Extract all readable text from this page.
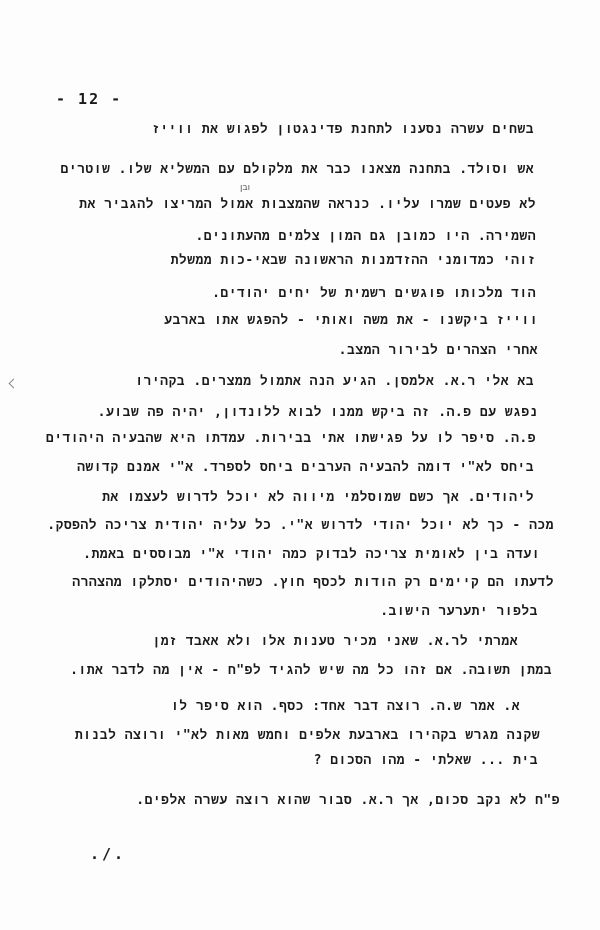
- 12 -
ובן
בשחים עשרה נסענו לתחנת פדינגטון לפגוש את ווייז
אש וסולד. בתחנה מצאנו כבר את מלקולם עם המשליא שלו. שוטרים
לא פעטים שמרו עליו. כנראה שהמצבות אמול המריצו להגביר את
השמירה. היו כמובן גם המון צלמים מהעתונים.
זוהי כמדומני ההזדמנות הראשונה שבאי-כות ממשלת
הוד מלכותו פוגשים רשמית של יחים יהודים.
ווייז ביקשנו - את משה ואותי - להפגש אתו בארבע
אחרי הצהרים לבירור המצב.
בא אלי ר.א. אלמסן. הגיע הנה אתמול ממצרים. בקהירו
נפגש עם פ.ה. זה ביקש ממנו לבוא ללונדון, יהיה פה שבוע.
פ.ה. סיפר לו על פגישתו אתי בבירות. עמדתו היא שהבעיה היהודים
ביחס לא"י דומה להבעיה הערבים ביחס לספרד. א"י אמנם קדושה
ליהודים. אך כשם שמוסלמי מיווה לא יוכל לדרוש לעצמו את
מכה - כך לא יוכל יהודי לדרוש א"י. כל עליה יהודית צריכה להפסק.
ועדה בין לאומית צריכה לבדוק כמה יהודי א"י מבוססים באמת.
לדעתו הם קיימים רק הודות לכסף חוץ. כשהיהודים יסתלקו מהצהרה
בלפור יתערער הישוב.
אמרתי לר.א. שאני מכיר טענות אלו ולא אאבד זמן
במתן תשובה. אם זהו כל מה שיש להגיד לפ"ח - אין מה לדבר אתו.
א. אמר ש.ה. רוצה דבר אחד: כסף. הוא סיפר לו
שקנה מגרש בקהירו בארבעת אלפים וחמש מאות לא"י ורוצה לבנות
בית ... שאלתי - מהו הסכום ?
פ"ח לא נקב סכום, אך ר.א. סבור שהוא רוצה עשרה אלפים.
./.
